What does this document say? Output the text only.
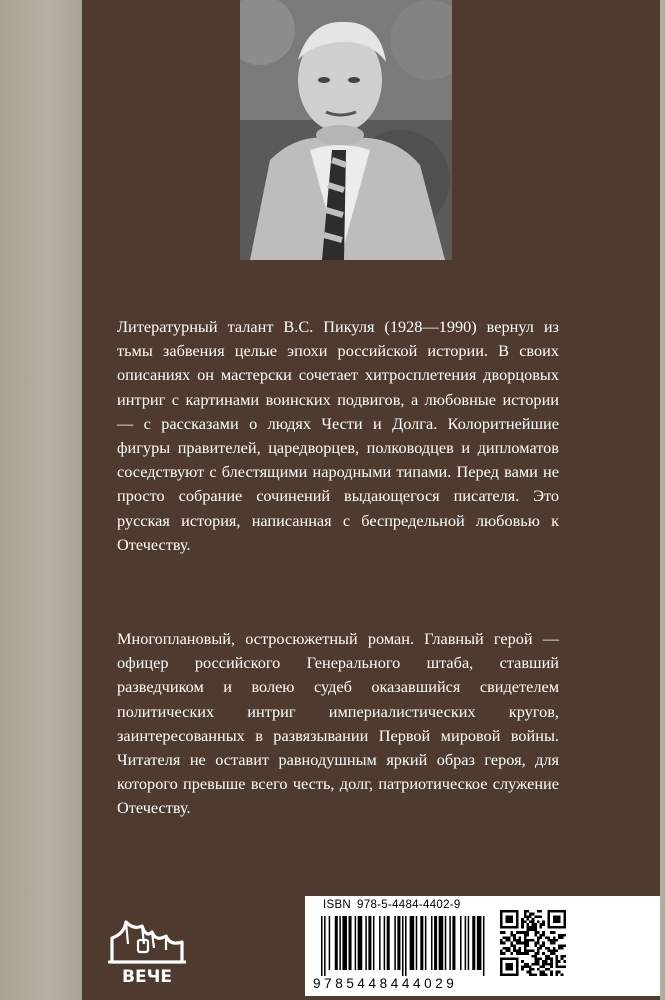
Литературный талант В.С. Пикуля (1928—1990) вернул из тьмы забвения целые эпохи российской истории. В своих описаниях он мастерски сочетает хитросплетения дворцовых интриг с картинами воинских подвигов, а любовные истории — с рассказами о людях Чести и Долга. Колоритнейшие фигуры правителей, царедворцев, полководцев и дипломатов соседствуют с блестящими народными типами. Перед вами не просто собрание сочинений выдающегося писателя. Это русская история, написанная с беспредельной любовью к Отечеству.

Многоплановый, остросюжетный роман. Главный герой — офицер российского Генерального штаба, ставший разведчиком и волею судеб оказавшийся свидетелем политических интриг империалистических кругов, заинтересованных в развязывании Первой мировой войны. Читателя не оставит равнодушным яркий образ героя, для которого превыше всего честь, долг, патриотическое служение Отечеству.

ВЕЧЕ
ISBN 978-5-4484-4402-9
9785448444029
